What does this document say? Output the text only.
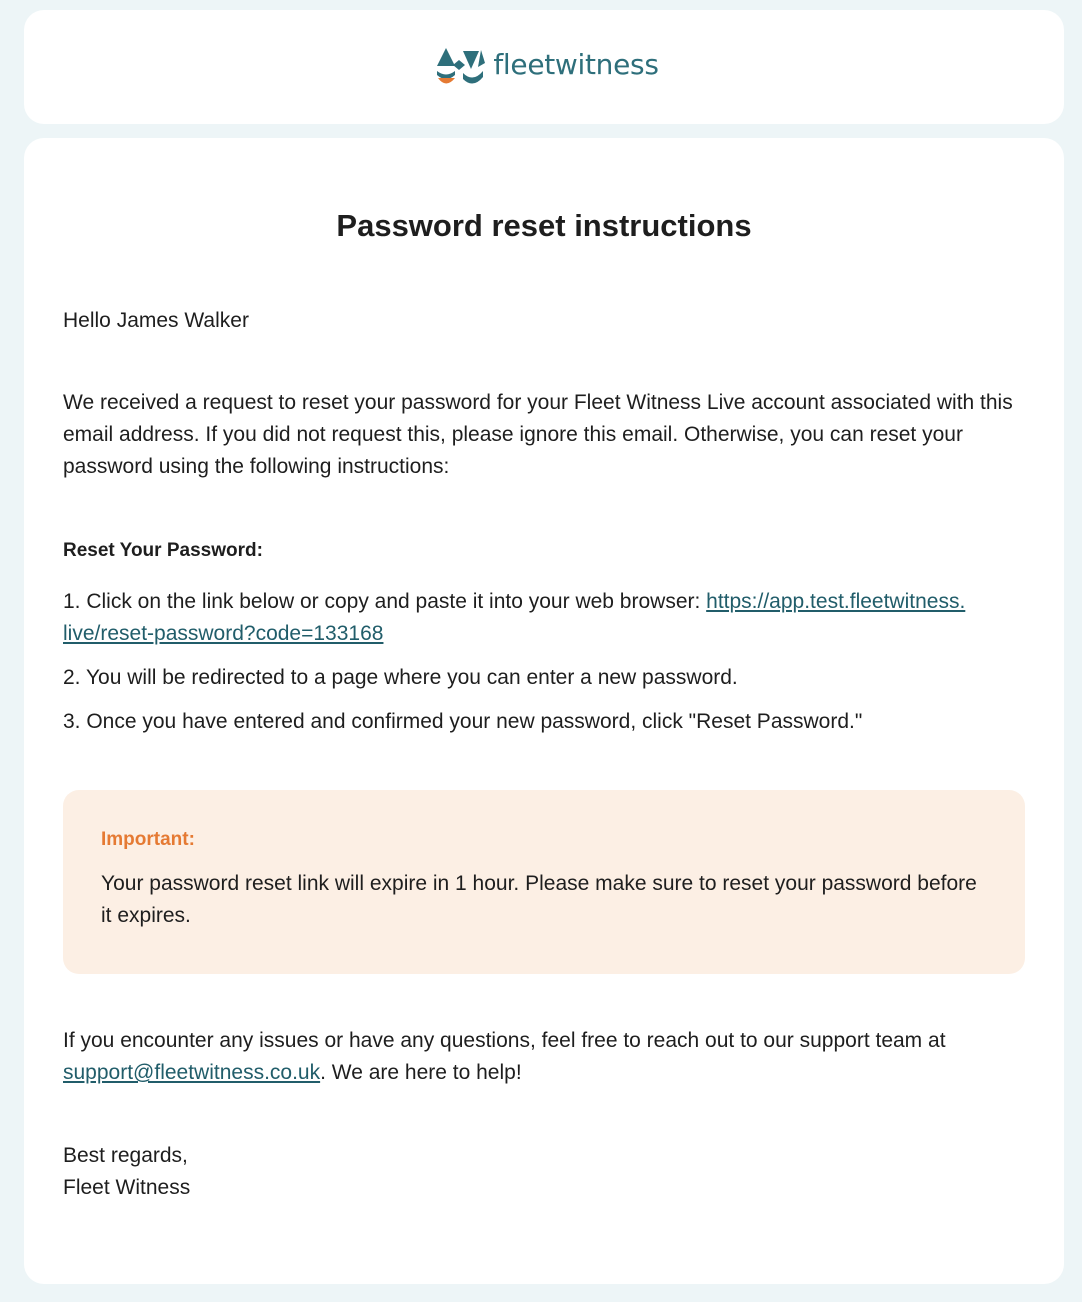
fleetwitness
Password reset instructions

Hello James Walker

We received a request to reset your password for your Fleet Witness Live account associated with this email address. If you did not request this, please ignore this email. Otherwise, you can reset your password using the following instructions:

Reset Your Password:

1. Click on the link below or copy and paste it into your web browser: https://app.test.fleetwitness.
live/reset-password?code=133168

2. You will be redirected to a page where you can enter a new password.

3. Once you have entered and confirmed your new password, click "Reset Password."

Important:

Your password reset link will expire in 1 hour. Please make sure to reset your password before it expires.

If you encounter any issues or have any questions, feel free to reach out to our support team at support@fleetwitness.co.uk. We are here to help!

Best regards,
Fleet Witness
